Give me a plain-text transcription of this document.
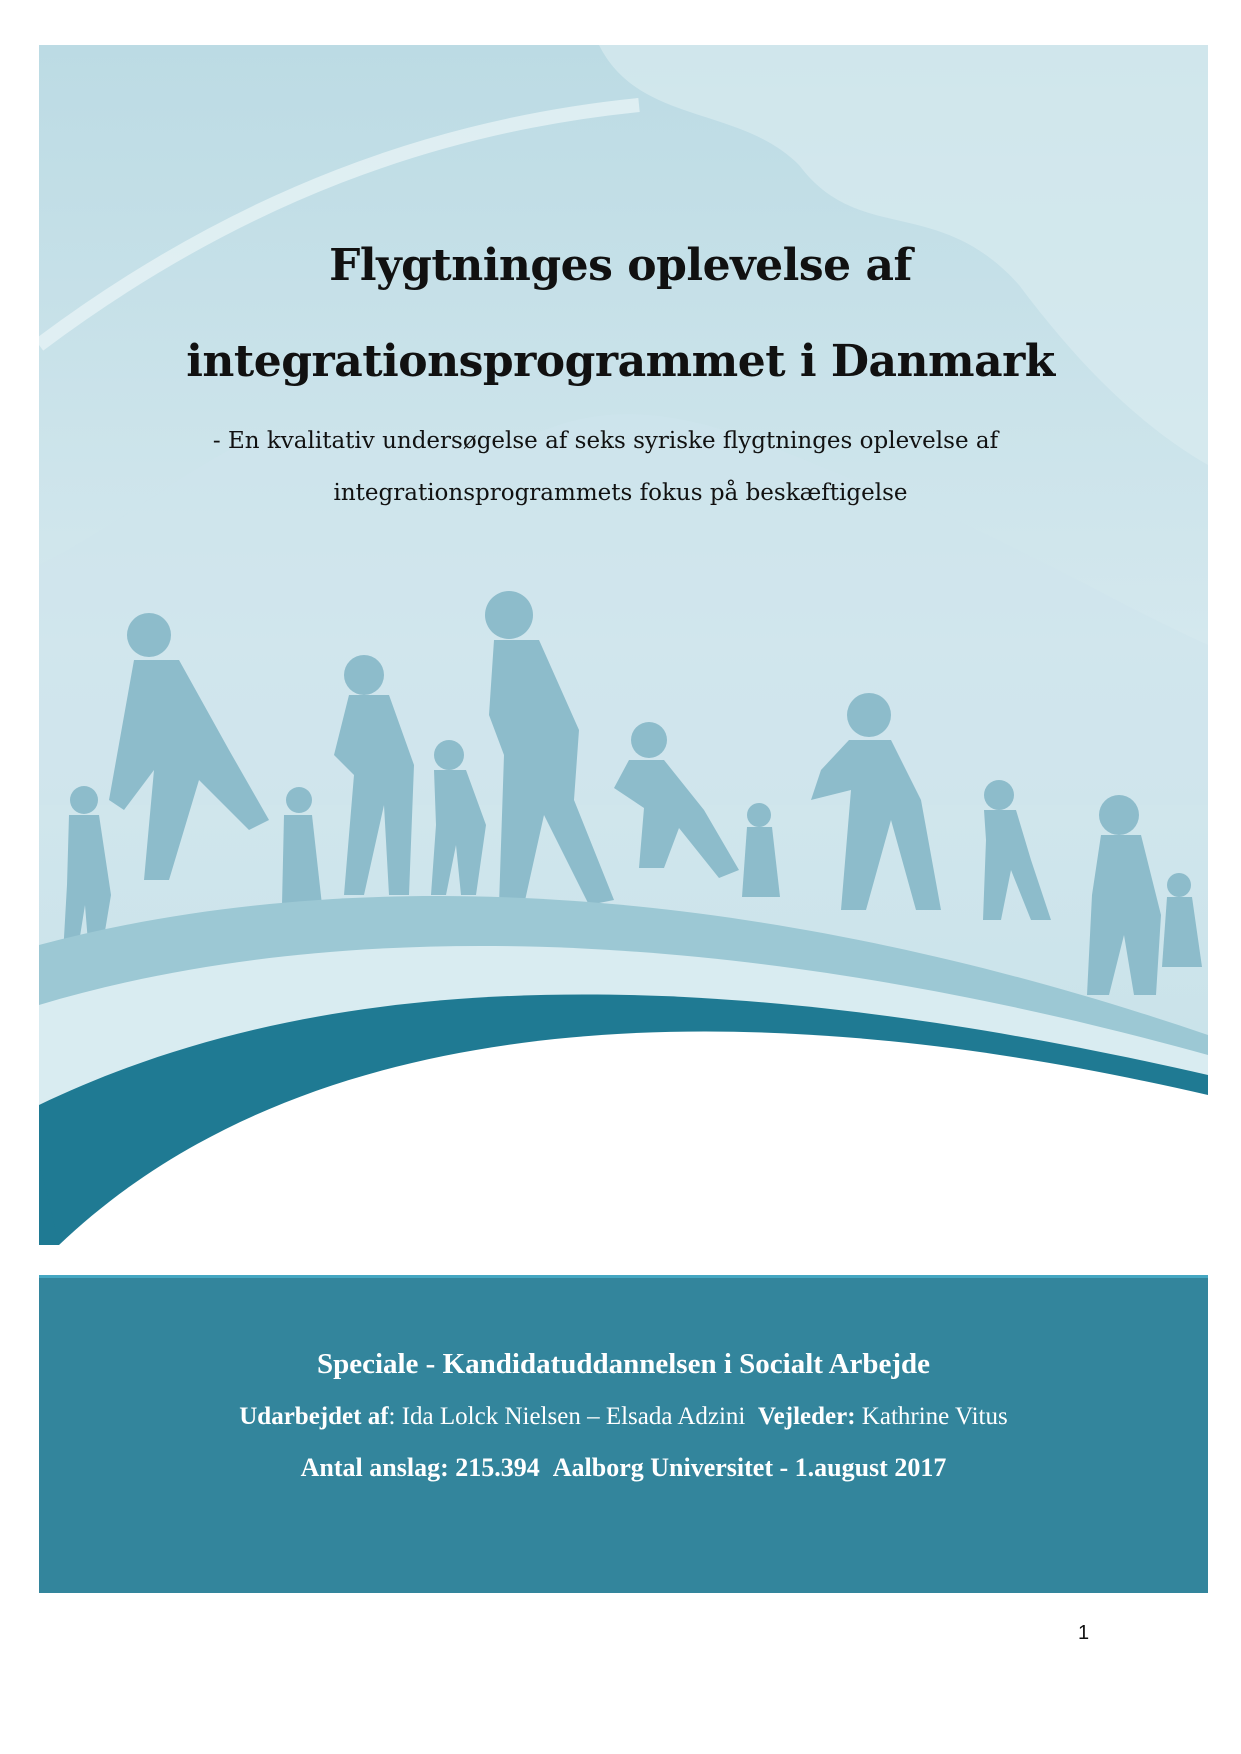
Flygtninges oplevelse af
integrationsprogrammet i Danmark
- En kvalitativ undersøgelse af seks syriske flygtninges oplevelse af
integrationsprogrammets fokus på beskæftigelse
Speciale - Kandidatuddannelsen i Socialt Arbejde
Udarbejdet af: Ida Lolck Nielsen – Elsada Adzini Vejleder: Kathrine Vitus
Antal anslag: 215.394 Aalborg Universitet - 1.august 2017
1
